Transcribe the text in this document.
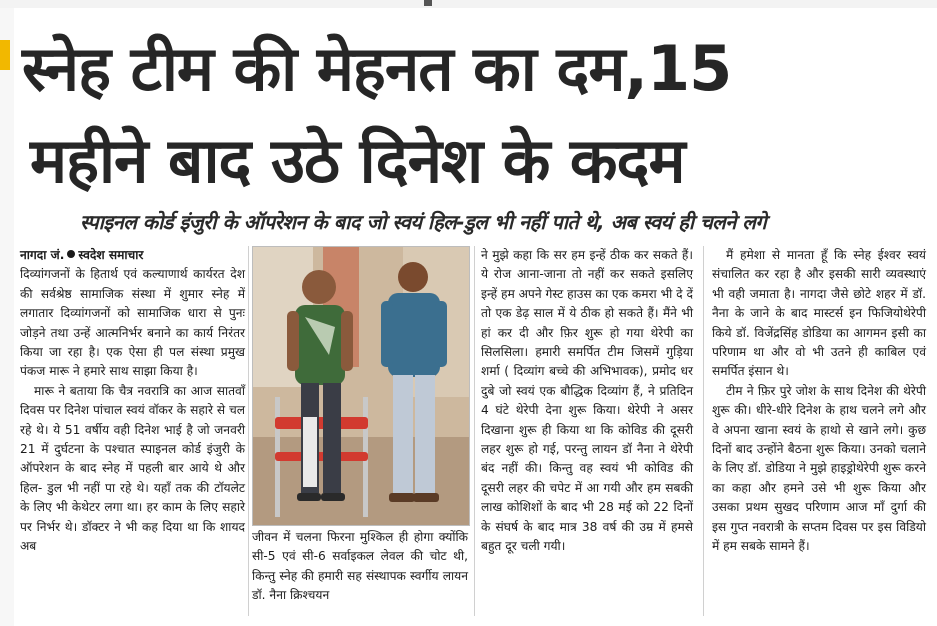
स्नेह टीम की मेहनत का दम,15
महीने बाद उठे दिनेश के कदम
स्पाइनल कोर्ड इंजुरी के ऑपरेशन के बाद जो स्वयं हिल-डुल भी नहीं पाते थे, अब स्वयं ही चलने लगे

नागदा जं. स्वदेश समाचार
दिव्यांगजनों के हितार्थ एवं कल्याणार्थ कार्यरत देश की सर्वश्रेष्ठ सामाजिक संस्था में शुमार स्नेह में लगातार दिव्यांगजनों को सामाजिक धारा से पुनः जोड़ने तथा उन्हें आत्मनिर्भर बनाने का कार्य निरंतर किया जा रहा है। एक ऐसा ही पल संस्था प्रमुख पंकज मारू ने हमारे साथ साझा किया है।

मारू ने बताया कि चैत्र नवरात्रि का आज सातवाँ दिवस पर दिनेश पांचाल स्वयं वॉकर के सहारे से चल रहे थे। ये 51 वर्षीय वही दिनेश भाई है जो जनवरी 21 में दुर्घटना के पश्चात स्पाइनल कोर्ड इंजुरी के ऑपरेशन के बाद स्नेह में पहली बार आये थे और हिल- डुल भी नहीं पा रहे थे। यहाँ तक की टॉयलेट के लिए भी केथेटर लगा था। हर काम के लिए सहारे पर निर्भर थे। डॉक्टर ने भी कह दिया था कि शायद अब

जीवन में चलना फिरना मुश्किल ही होगा क्योंकि सी-5 एवं सी-6 सर्वाइकल लेवल की चोट थी, किन्तु स्नेह की हमारी सह संस्थापक स्वर्गीय लायन डॉ. नैना क्रिश्चयन

ने मुझे कहा कि सर हम इन्हें ठीक कर सकते हैं। ये रोज आना-जाना तो नहीं कर सकते इसलिए इन्हें हम अपने गेस्ट हाउस का एक कमरा भी दे दें तो एक डेढ़ साल में ये ठीक हो सकते हैं। मैंने भी हां कर दी और फ़िर शुरू हो गया थेरेपी का सिलसिला। हमारी समर्पित टीम जिसमें गुड़िया शर्मा ( दिव्यांग बच्चे की अभिभावक), प्रमोद धर दुबे जो स्वयं एक बौद्धिक दिव्यांग हैं, ने प्रतिदिन 4 घंटे थेरेपी देना शुरू किया। थेरेपी ने असर दिखाना शुरू ही किया था कि कोविड की दूसरी लहर शुरू हो गई, परन्तु लायन डॉ नैना ने थेरेपी बंद नहीं की। किन्तु वह स्वयं भी कोविड की दूसरी लहर की चपेट में आ गयी और हम सबकी लाख कोशिशों के बाद भी 28 मई को 22 दिनों के संघर्ष के बाद मात्र 38 वर्ष की उम्र में हमसे बहुत दूर चली गयी।

मैं हमेशा से मानता हूँ कि स्नेह ईश्वर स्वयं संचालित कर रहा है और इसकी सारी व्यवस्थाएं भी वही जमाता है। नागदा जैसे छोटे शहर में डॉ. नैना के जाने के बाद मास्टर्स इन फिजियोथेरेपी किये डॉ. विजेंद्रसिंह डोडिया का आगमन इसी का परिणाम था और वो भी उतने ही काबिल एवं समर्पित इंसान थे।

टीम ने फ़िर पुरे जोश के साथ दिनेश की थेरेपी शुरू की। धीरे-धीरे दिनेश के हाथ चलने लगे और वे अपना खाना स्वयं के हाथो से खाने लगे। कुछ दिनों बाद उन्होंने बैठना शुरू किया। उनको चलाने के लिए डॉ. डोडिया ने मुझे हाइड्रोथेरेपी शुरू करने का कहा और हमने उसे भी शुरू किया और उसका प्रथम सुखद परिणाम आज माँ दुर्गा की इस गुप्त नवरात्री के सप्तम दिवस पर इस विडियो में हम सबके सामने हैं।
